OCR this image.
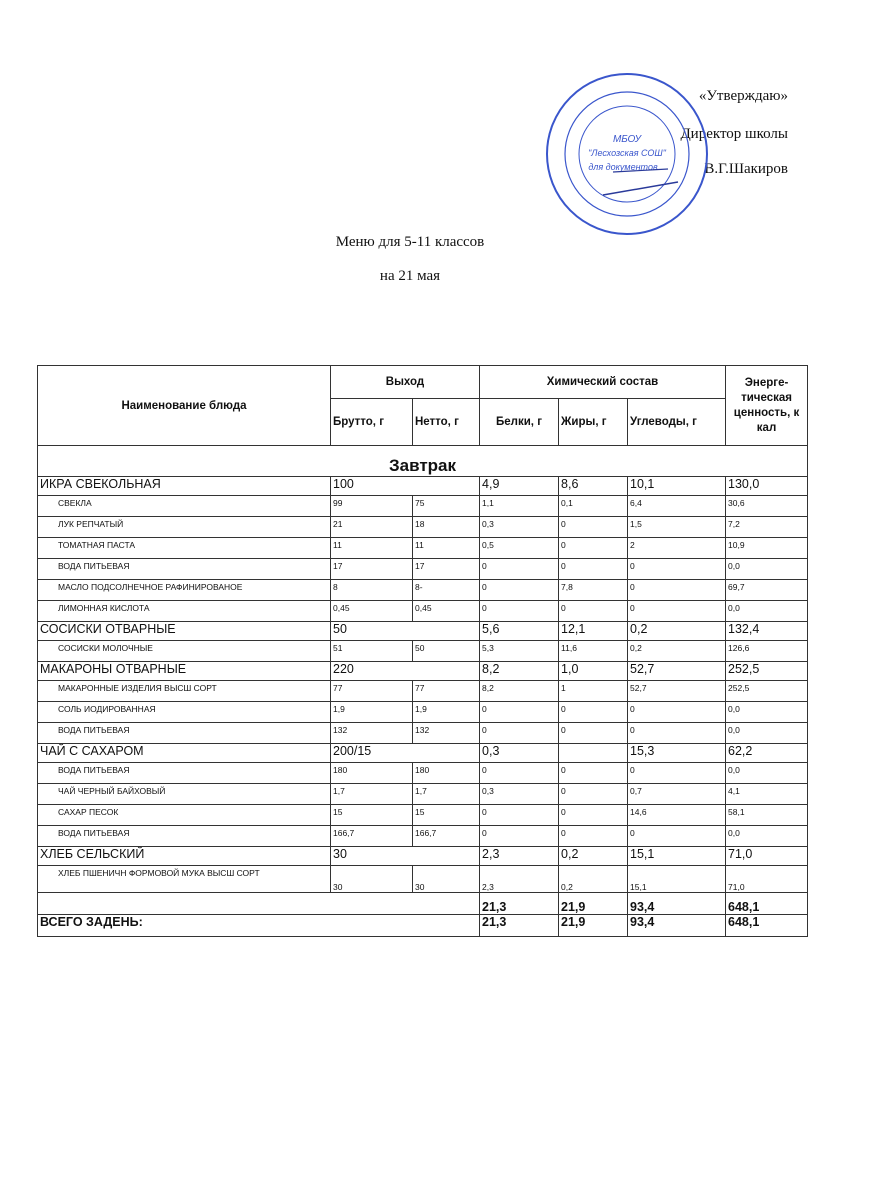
«Утверждаю»
Директор школы
В.Г.Шакиров
МБОУ
"Лесхозская СОШ"
для документов
Меню для 5-11 классов
на 21 мая
Наименование блюда	Выход		Химический состав			Энерге-тическая ценность, к кал
	Брутто, г	Нетто, г	Белки, г	Жиры, г	Углеводы, г	
Завтрак						
ИКРА СВЕКОЛЬНАЯ	100		4,9	8,6	10,1	130,0
СВЕКЛА	99	75	1,1	0,1	6,4	30,6
ЛУК РЕПЧАТЫЙ	21	18	0,3	0	1,5	7,2
ТОМАТНАЯ ПАСТА	11	11	0,5	0	2	10,9
ВОДА ПИТЬЕВАЯ	17	17	0	0	0	0,0
МАСЛО ПОДСОЛНЕЧНОЕ РАФИНИРОВАНОЕ	8	8-	0	7,8	0	69,7
ЛИМОННАЯ КИСЛОТА	0,45	0,45	0	0	0	0,0
СОСИСКИ ОТВАРНЫЕ	50		5,6	12,1	0,2	132,4
СОСИСКИ МОЛОЧНЫЕ	51	50	5,3	11,6	0,2	126,6
МАКАРОНЫ ОТВАРНЫЕ	220		8,2	1,0	52,7	252,5
МАКАРОННЫЕ ИЗДЕЛИЯ ВЫСШ СОРТ	77	77	8,2	1	52,7	252,5
СОЛЬ ИОДИРОВАННАЯ	1,9	1,9	0	0	0	0,0
ВОДА ПИТЬЕВАЯ	132	132	0	0	0	0,0
ЧАЙ С САХАРОМ	200/15		0,3		15,3	62,2
ВОДА ПИТЬЕВАЯ	180	180	0	0	0	0,0
ЧАЙ ЧЕРНЫЙ БАЙХОВЫЙ	1,7	1,7	0,3	0	0,7	4,1
САХАР ПЕСОК	15	15	0	0	14,6	58,1
ВОДА ПИТЬЕВАЯ	166,7	166,7	0	0	0	0,0
ХЛЕБ СЕЛЬСКИЙ	30		2,3	0,2	15,1	71,0
ХЛЕБ ПШЕНИЧН ФОРМОВОЙ МУКА ВЫСШ СОРТ	30	30	2,3	0,2	15,1	71,0
			21,3	21,9	93,4	648,1
ВСЕГО ЗАДЕНЬ:			21,3	21,9	93,4	648,1
